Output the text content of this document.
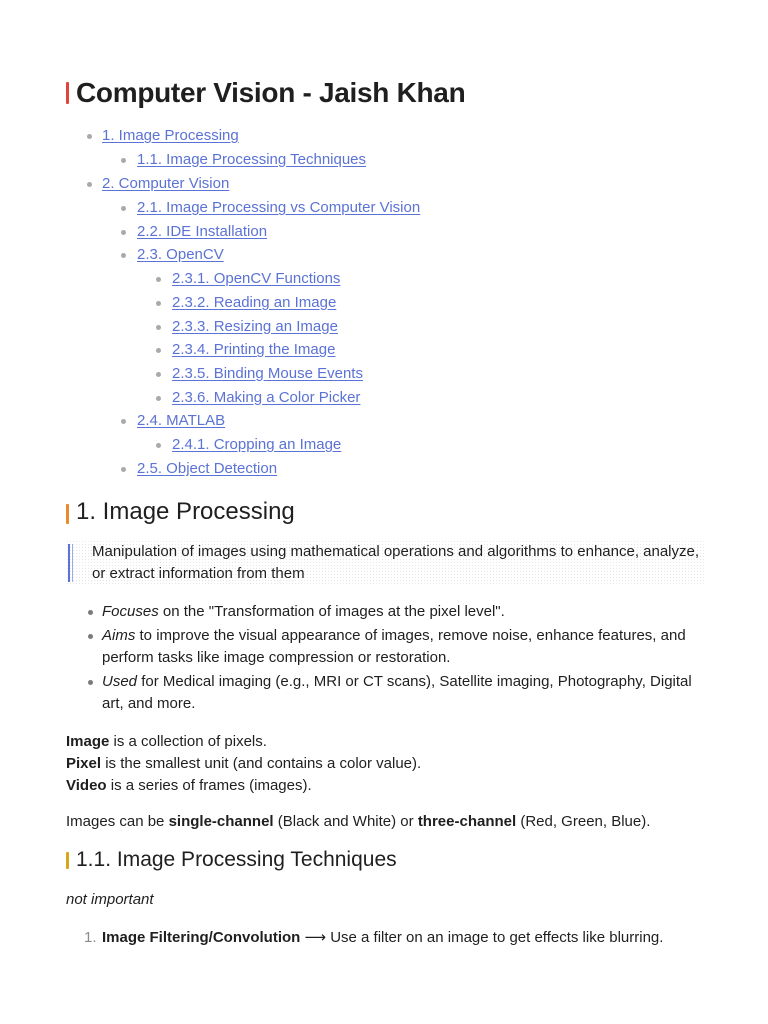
Computer Vision - Jaish Khan
1. Image Processing
1.1. Image Processing Techniques
2. Computer Vision
2.1. Image Processing vs Computer Vision
2.2. IDE Installation
2.3. OpenCV
2.3.1. OpenCV Functions
2.3.2. Reading an Image
2.3.3. Resizing an Image
2.3.4. Printing the Image
2.3.5. Binding Mouse Events
2.3.6. Making a Color Picker
2.4. MATLAB
2.4.1. Cropping an Image
2.5. Object Detection
1. Image Processing

Manipulation of images using mathematical operations and algorithms to enhance, analyze, or extract information from them

Focuses on the "Transformation of images at the pixel level".
Aims to improve the visual appearance of images, remove noise, enhance features, and perform tasks like image compression or restoration.
Used for Medical imaging (e.g., MRI or CT scans), Satellite imaging, Photography, Digital art, and more.
Image is a collection of pixels.
Pixel is the smallest unit (and contains a color value).
Video is a series of frames (images).
Images can be single-channel (Black and White) or three-channel (Red, Green, Blue).
1.1. Image Processing Techniques
not important
1. Image Filtering/Convolution ⟶ Use a filter on an image to get effects like blurring.
